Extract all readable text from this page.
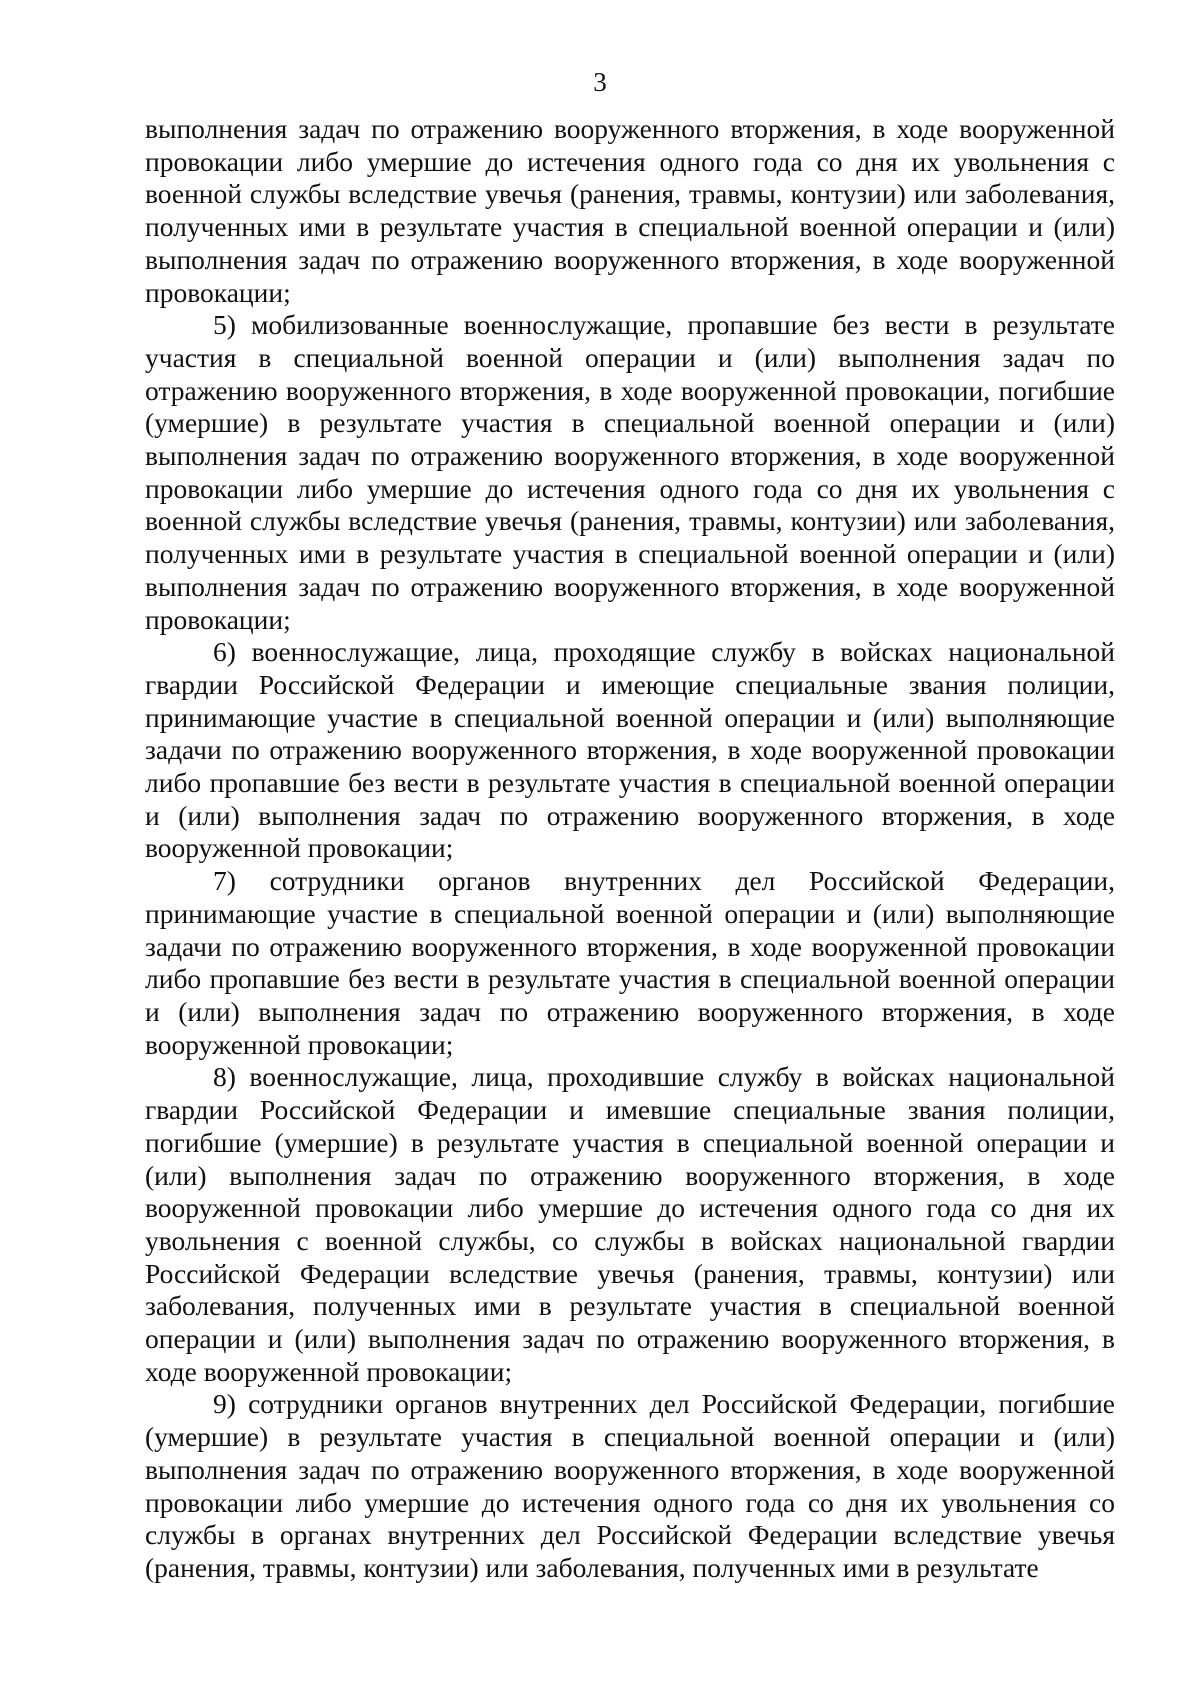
3

выполнения задач по отражению вооруженного вторжения, в ходе вооруженной провокации либо умершие до истечения одного года со дня их увольнения с военной службы вследствие увечья (ранения, травмы, контузии) или заболевания, полученных ими в результате участия в специальной военной операции и (или) выполнения задач по отражению вооруженного вторжения, в ходе вооруженной провокации;

5) мобилизованные военнослужащие, пропавшие без вести в результате участия в специальной военной операции и (или) выполнения задач по отражению вооруженного вторжения, в ходе вооруженной провокации, погибшие (умершие) в результате участия в специальной военной операции и (или) выполнения задач по отражению вооруженного вторжения, в ходе вооруженной провокации либо умершие до истечения одного года со дня их увольнения с военной службы вследствие увечья (ранения, травмы, контузии) или заболевания, полученных ими в результате участия в специальной военной операции и (или) выполнения задач по отражению вооруженного вторжения, в ходе вооруженной провокации;

6) военнослужащие, лица, проходящие службу в войсках национальной гвардии Российской Федерации и имеющие специальные звания полиции, принимающие участие в специальной военной операции и (или) выполняющие задачи по отражению вооруженного вторжения, в ходе вооруженной провокации либо пропавшие без вести в результате участия в специальной военной операции и (или) выполнения задач по отражению вооруженного вторжения, в ходе вооруженной провокации;

7) сотрудники органов внутренних дел Российской Федерации, принимающие участие в специальной военной операции и (или) выполняющие задачи по отражению вооруженного вторжения, в ходе вооруженной провокации либо пропавшие без вести в результате участия в специальной военной операции и (или) выполнения задач по отражению вооруженного вторжения, в ходе вооруженной провокации;

8) военнослужащие, лица, проходившие службу в войсках национальной гвардии Российской Федерации и имевшие специальные звания полиции, погибшие (умершие) в результате участия в специальной военной операции и (или) выполнения задач по отражению вооруженного вторжения, в ходе вооруженной провокации либо умершие до истечения одного года со дня их увольнения с военной службы, со службы в войсках национальной гвардии Российской Федерации вследствие увечья (ранения, травмы, контузии) или заболевания, полученных ими в результате участия в специальной военной операции и (или) выполнения задач по отражению вооруженного вторжения, в ходе вооруженной провокации;

9) сотрудники органов внутренних дел Российской Федерации, погибшие (умершие) в результате участия в специальной военной операции и (или) выполнения задач по отражению вооруженного вторжения, в ходе вооруженной провокации либо умершие до истечения одного года со дня их увольнения со службы в органах внутренних дел Российской Федерации вследствие увечья (ранения, травмы, контузии) или заболевания, полученных ими в результате
